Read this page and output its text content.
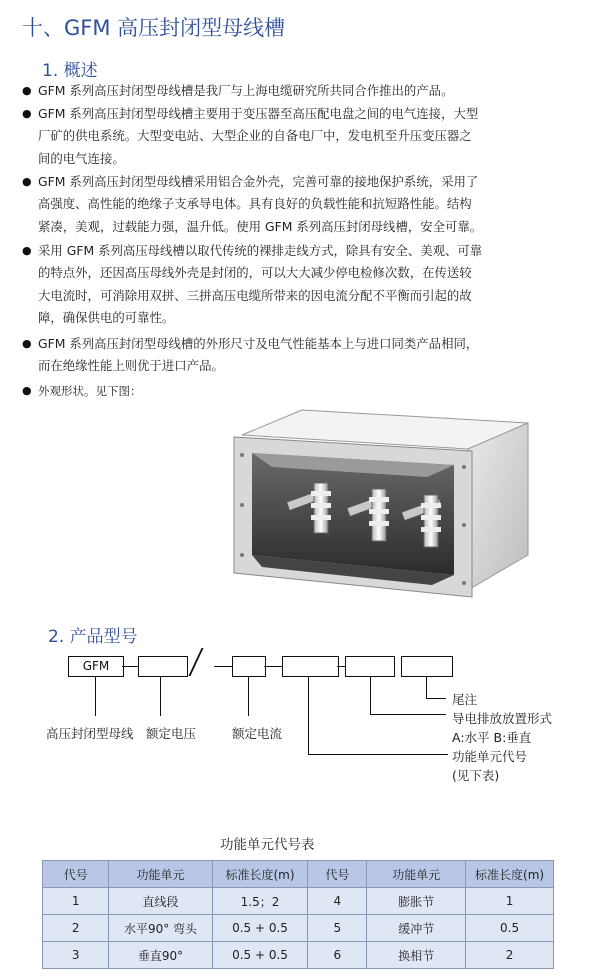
十、GFM 高压封闭型母线槽
1. 概述
● GFM 系列高压封闭型母线槽是我厂与上海电缆研究所共同合作推出的产品。
● GFM 系列高压封闭型母线槽主要用于变压器至高压配电盘之间的电气连接，大型
厂矿的供电系统。大型变电站、大型企业的自备电厂中，发电机至升压变压器之
间的电气连接。
● GFM 系列高压封闭型母线槽采用铝合金外壳，完善可靠的接地保护系统，采用了
高强度、高性能的绝缘子支承导电体。具有良好的负载性能和抗短路性能。结构
紧凑，美观，过载能力强，温升低。使用 GFM 系列高压封闭母线槽，安全可靠。
● 采用 GFM 系列高压母线槽以取代传统的裸排走线方式，除具有安全、美观、可靠
的特点外，还因高压母线外壳是封闭的，可以大大减少停电检修次数，在传送较
大电流时，可消除用双拼、三拼高压电缆所带来的因电流分配不平衡而引起的故
障，确保供电的可靠性。
● GFM 系列高压封闭型母线槽的外形尺寸及电气性能基本上与进口同类产品相同，
而在绝缘性能上则优于进口产品。
● 外观形状。见下图：
2. 产品型号
GFM
高压封闭型母线 额定电压	额定电流
尾注
导电排放放置形式
A:水平 B:垂直
功能单元代号
(见下表)
功能单元代号表
代号	功能单元	标准长度(m)	代号	功能单元	标准长度(m)
1	直线段	1.5；2	4	膨胀节	1
2	水平90° 弯头	0.5 + 0.5	5	缓冲节	0.5
3	垂直90°	0.5 + 0.5	6	换相节	2
